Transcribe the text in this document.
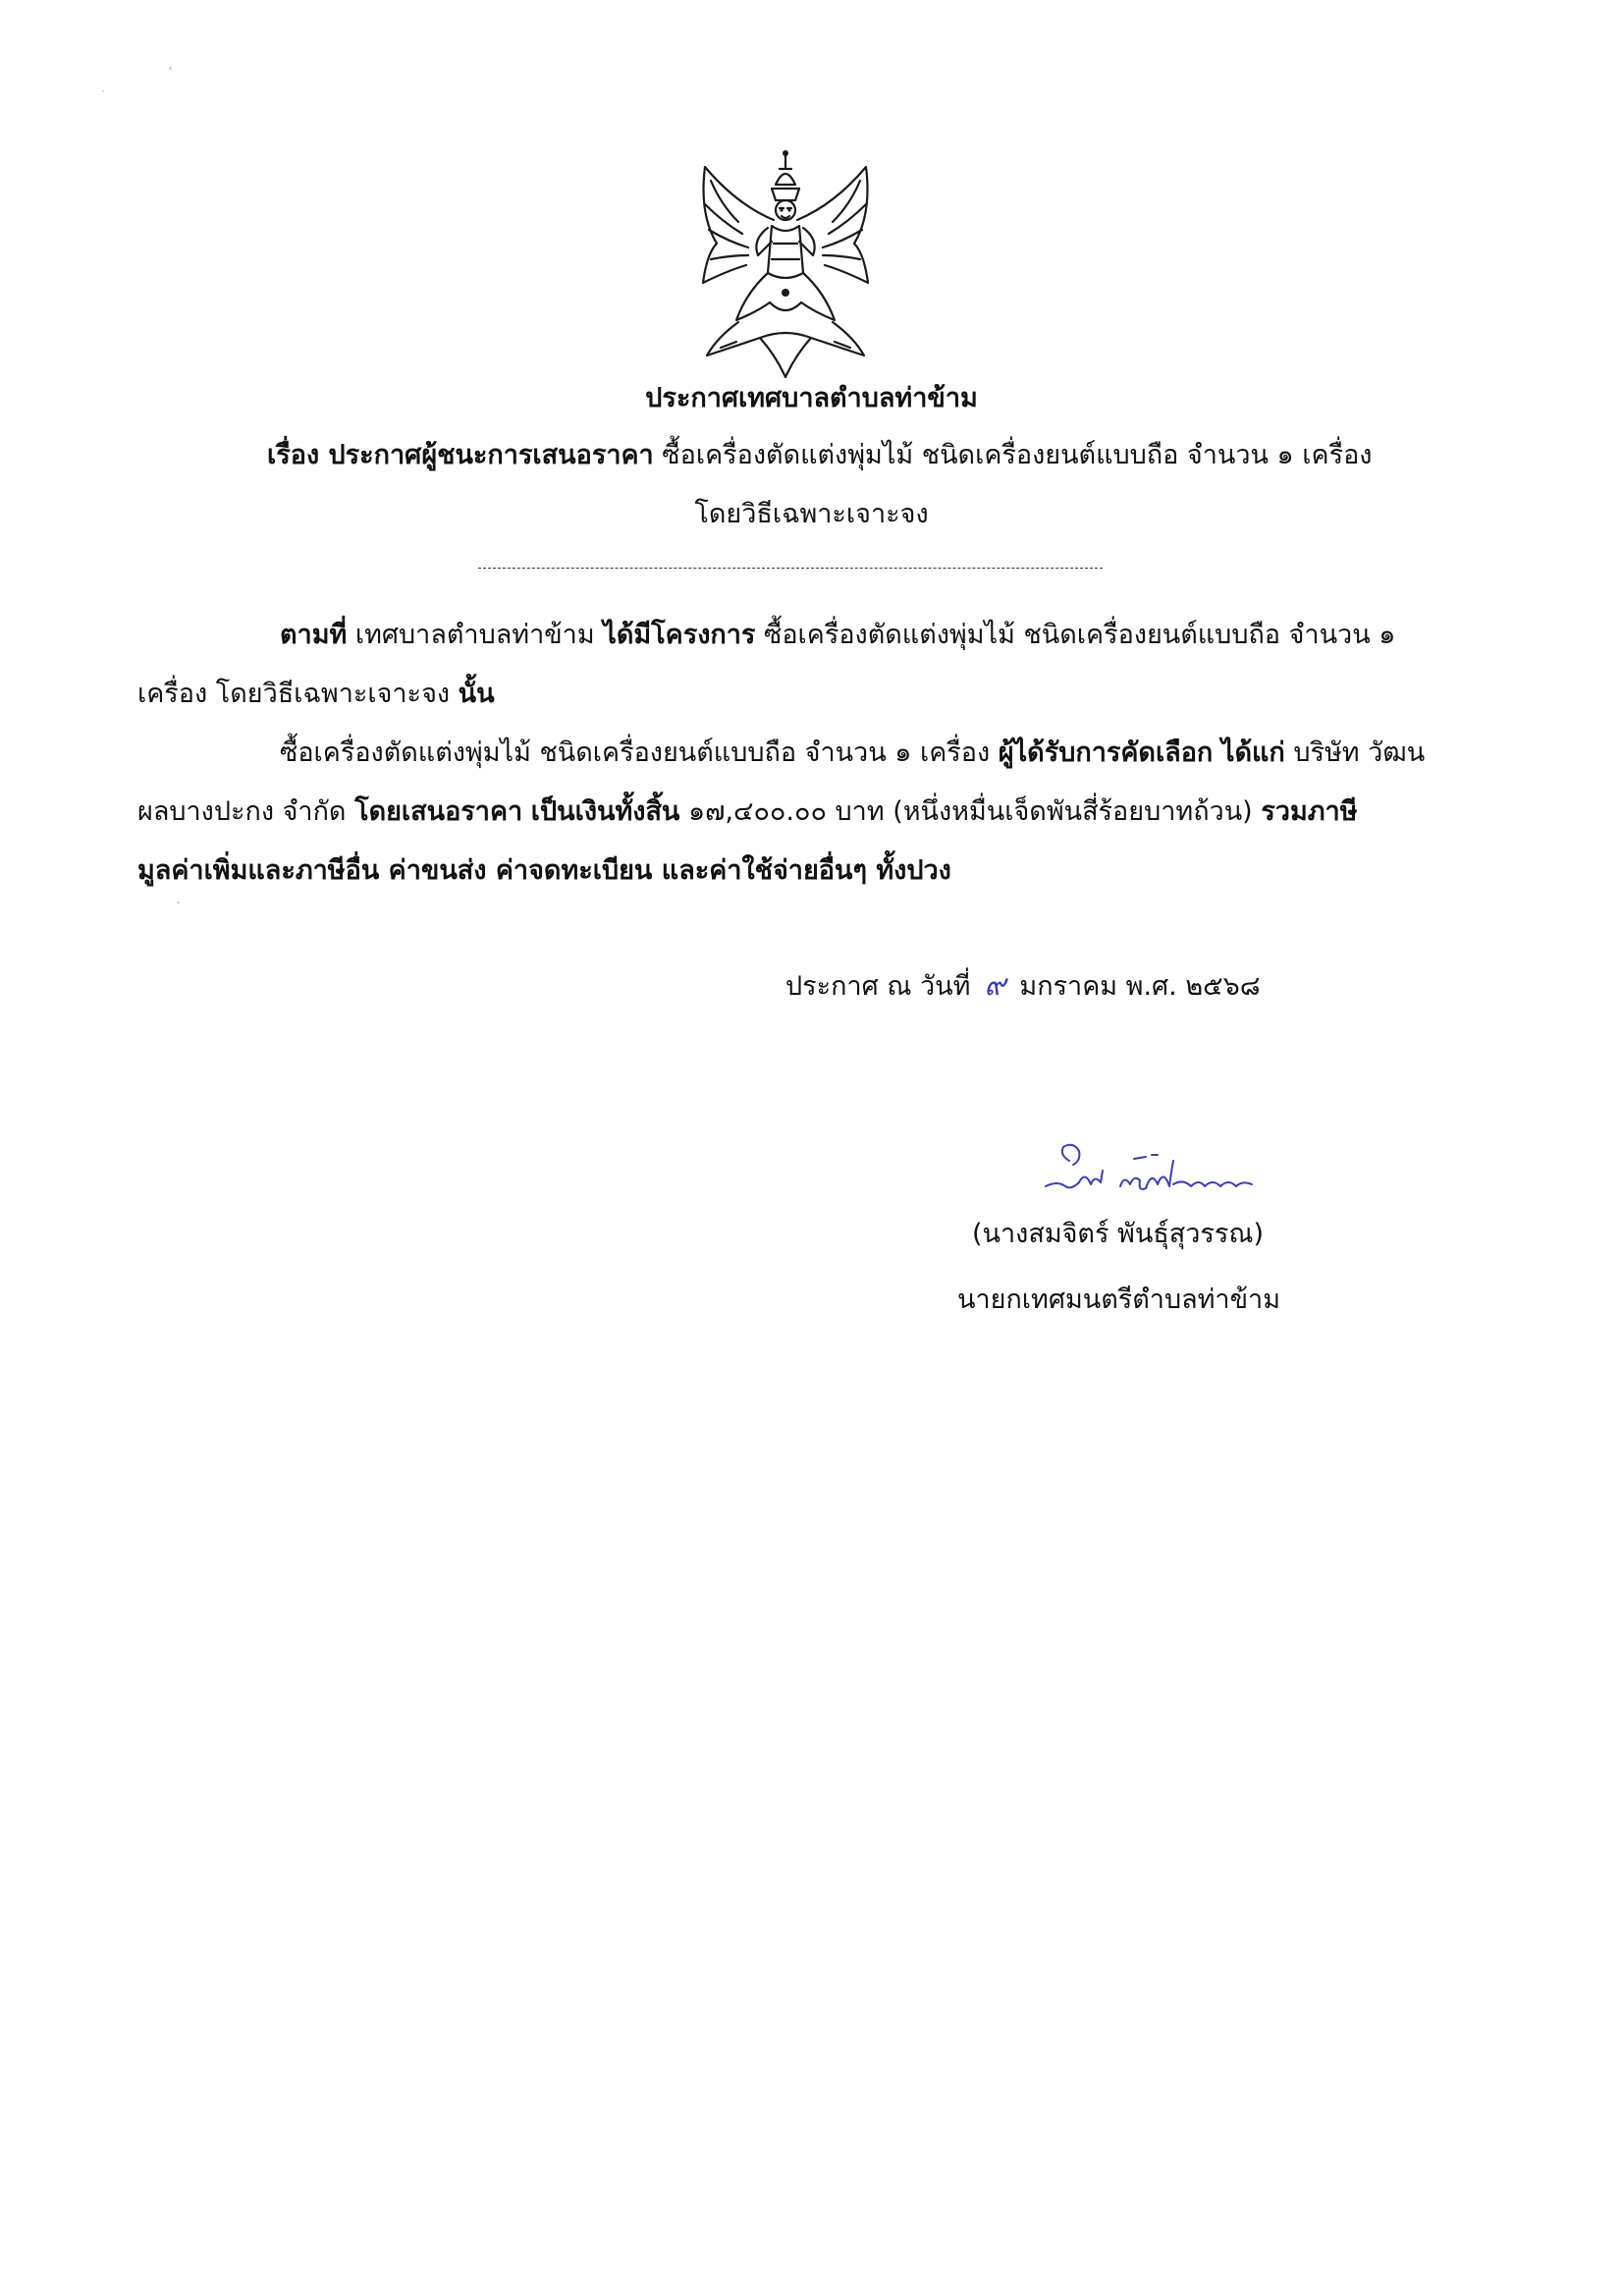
ประกาศเทศบาลตำบลท่าข้าม
เรื่อง ประกาศผู้ชนะการเสนอราคา ซื้อเครื่องตัดแต่งพุ่มไม้ ชนิดเครื่องยนต์แบบถือ จำนวน ๑ เครื่อง
โดยวิธีเฉพาะเจาะจง
ตามที่ เทศบาลตำบลท่าข้าม ได้มีโครงการ ซื้อเครื่องตัดแต่งพุ่มไม้ ชนิดเครื่องยนต์แบบถือ จำนวน ๑
เครื่อง โดยวิธีเฉพาะเจาะจง นั้น
ซื้อเครื่องตัดแต่งพุ่มไม้ ชนิดเครื่องยนต์แบบถือ จำนวน ๑ เครื่อง ผู้ได้รับการคัดเลือก ได้แก่ บริษัท วัฒน
ผลบางปะกง จำกัด โดยเสนอราคา เป็นเงินทั้งสิ้น ๑๗,๔๐๐.๐๐ บาท (หนึ่งหมื่นเจ็ดพันสี่ร้อยบาทถ้วน) รวมภาษี
มูลค่าเพิ่มและภาษีอื่น ค่าขนส่ง ค่าจดทะเบียน และค่าใช้จ่ายอื่นๆ ทั้งปวง
ประกาศ ณ วันที่ ๙ มกราคม พ.ศ. ๒๕๖๘
(นางสมจิตร์ พันธุ์สุวรรณ)
นายกเทศมนตรีตำบลท่าข้าม
